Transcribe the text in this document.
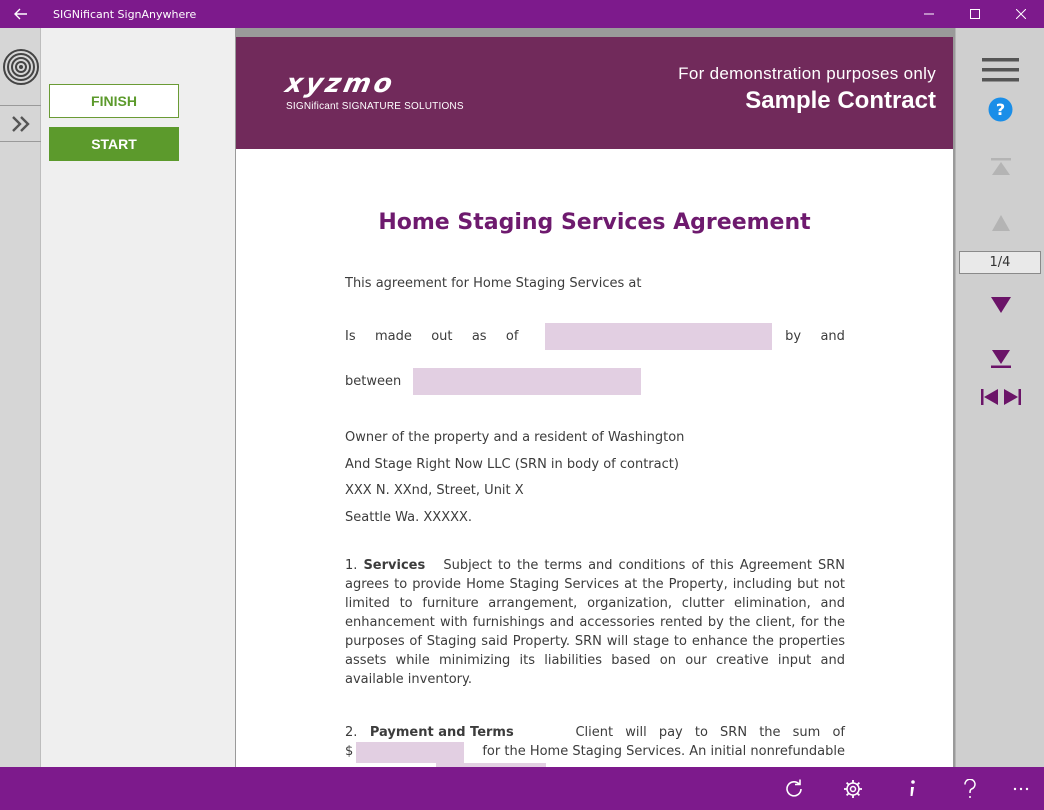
SIGNificant SignAnywhere
FINISH
START
xyzmo
SIGNificant SIGNATURE SOLUTIONS
For demonstration purposes only
Sample Contract
Home Staging Services Agreement
This agreement for Home Staging Services at
Is made out as of	by and
between
Owner of the property and a resident of Washington
And Stage Right Now LLC (SRN in body of contract)
XXX N. XXnd, Street, Unit X
Seattle Wa. XXXXX.
1. Services Subject to the terms and conditions of this Agreement SRN agrees to provide Home Staging Services at the Property, including but not limited to furniture arrangement, organization, clutter elimination, and enhancement with furnishings and accessories rented by the client, for the purposes of Staging said Property. SRN will stage to enhance the properties assets while minimizing its liabilities based on our creative input and available inventory.
2. Payment and Terms	Client will pay to SRN the sum of
$	for the Home Staging Services. An initial nonrefundable
?
1/4
